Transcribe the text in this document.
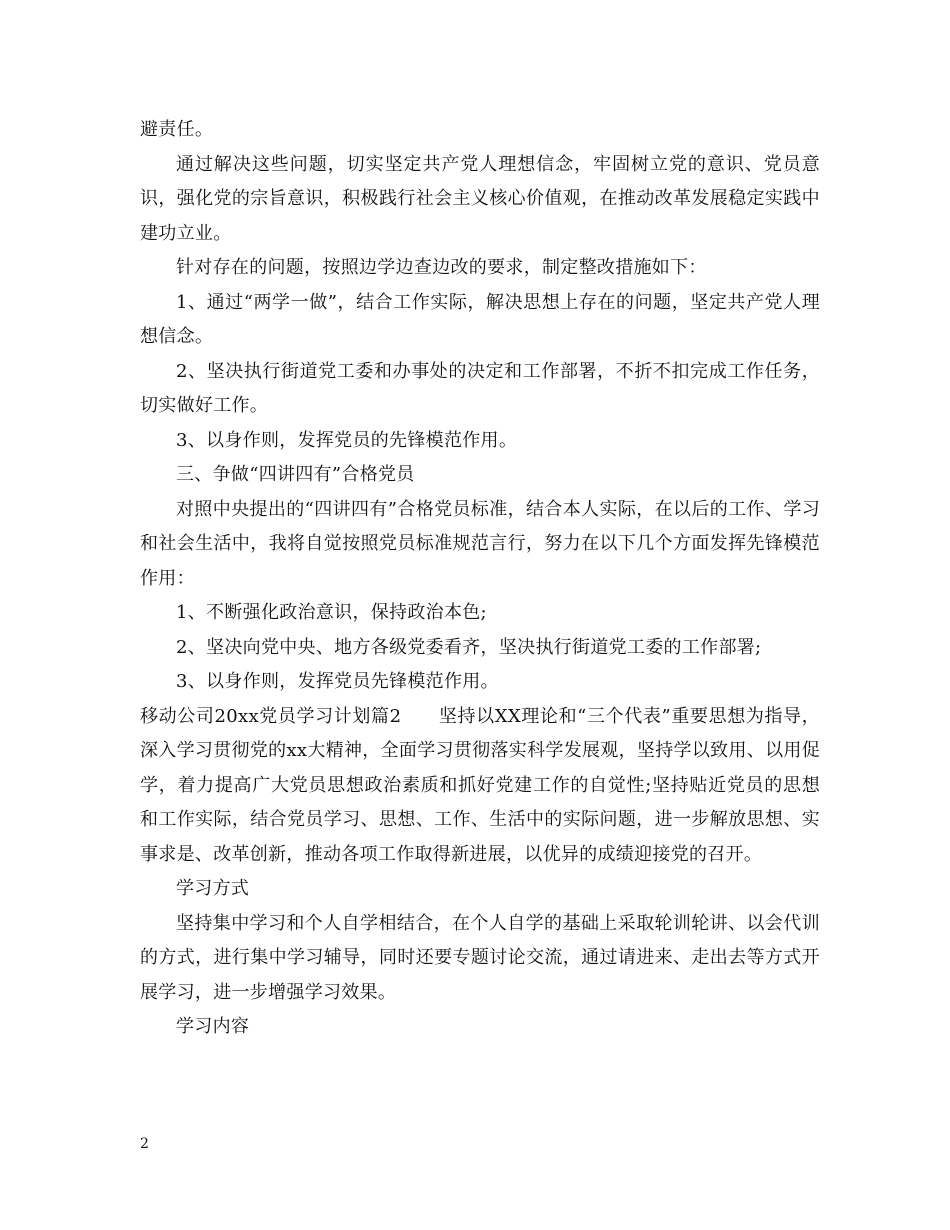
避责任。

通过解决这些问题，切实坚定共产党人理想信念，牢固树立党的意识、党员意识，强化党的宗旨意识，积极践行社会主义核心价值观，在推动改革发展稳定实践中建功立业。

针对存在的问题，按照边学边查边改的要求，制定整改措施如下：

1、通过“两学一做”，结合工作实际，解决思想上存在的问题，坚定共产党人理想信念。

2、坚决执行街道党工委和办事处的决定和工作部署，不折不扣完成工作任务，切实做好工作。

3、以身作则，发挥党员的先锋模范作用。

三、争做“四讲四有”合格党员

对照中央提出的“四讲四有”合格党员标准，结合本人实际，在以后的工作、学习和社会生活中，我将自觉按照党员标准规范言行，努力在以下几个方面发挥先锋模范作用：

1、不断强化政治意识，保持政治本色;

2、坚决向党中央、地方各级党委看齐，坚决执行街道党工委的工作部署;

3、以身作则，发挥党员先锋模范作用。

移动公司20xx党员学习计划篇2　　坚持以XX理论和“三个代表”重要思想为指导，深入学习贯彻党的xx大精神，全面学习贯彻落实科学发展观，坚持学以致用、以用促学，着力提高广大党员思想政治素质和抓好党建工作的自觉性;坚持贴近党员的思想和工作实际，结合党员学习、思想、工作、生活中的实际问题，进一步解放思想、实事求是、改革创新，推动各项工作取得新进展，以优异的成绩迎接党的召开。

学习方式

坚持集中学习和个人自学相结合，在个人自学的基础上采取轮训轮讲、以会代训的方式，进行集中学习辅导，同时还要专题讨论交流，通过请进来、走出去等方式开展学习，进一步增强学习效果。

学习内容

2
